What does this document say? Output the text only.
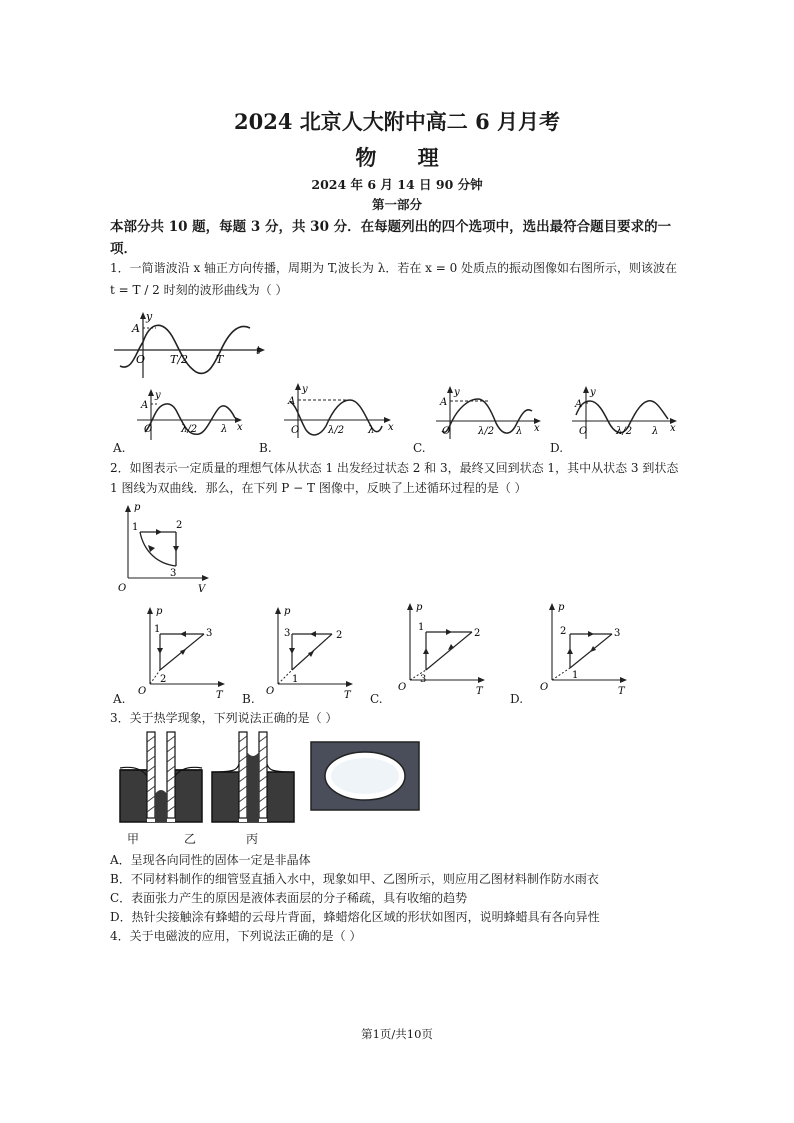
2024 北京人大附中高二 6 月月考
物 理
2024 年 6 月 14 日 90 分钟
第一部分
本部分共 10 题，每题 3 分，共 30 分．在每题列出的四个选项中，选出最符合题目要求的一项．
1．一简谐波沿 x 轴正方向传播，周期为 T,波长为 λ．若在 x = 0 处质点的振动图像如右图所示，则该波在
t = T / 2 时刻的波形曲线为（ ）
y
A
O T/2	T
t
A.
y
A
O	λ/2 λ x
B.
y
A
O	λ/2 λ x
C.
y
A
O	λ/2 λ x
D.
y
A
O	λ/2 λ x
2．如图表示一定质量的理想气体从状态 1 出发经过状态 2 和 3，最终又回到状态 1，其中从状态 3 到状态
1 图线为双曲线．那么，在下列 P − T 图像中，反映了上述循环过程的是（ ）
p
V
O
1	2
3
A.	B.	C.	D.
p
T
O
1	3
2
p
T
O
3	2
1
p
T
O
1
2
3
p
T
O
2	3
1
3．关于热学现象，下列说法正确的是（ ）
甲	乙	丙
A．呈现各向同性的固体一定是非晶体
B．不同材料制作的细管竖直插入水中，现象如甲、乙图所示，则应用乙图材料制作防水雨衣
C．表面张力产生的原因是液体表面层的分子稀疏，具有收缩的趋势
D．热针尖接触涂有蜂蜡的云母片背面，蜂蜡熔化区域的形状如图丙，说明蜂蜡具有各向异性
4．关于电磁波的应用，下列说法正确的是（ ）
第1页/共10页
